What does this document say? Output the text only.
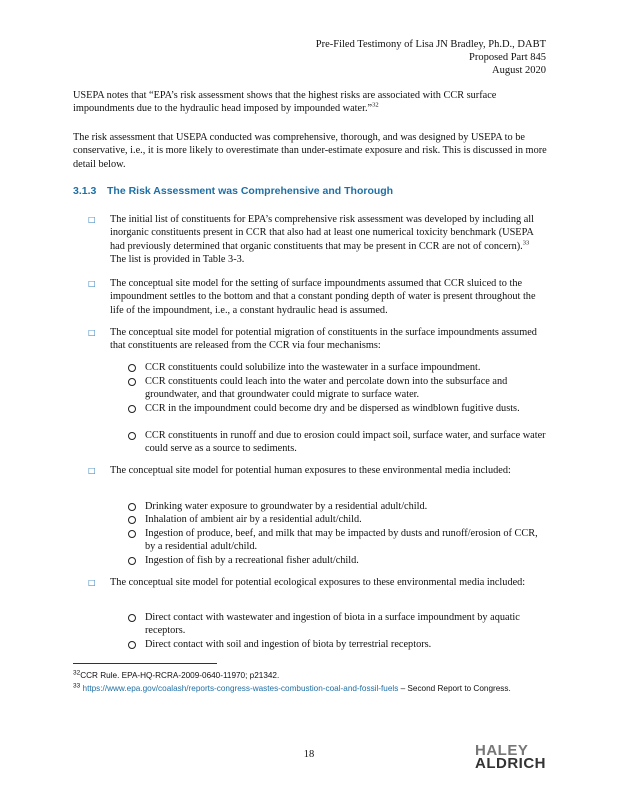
Pre-Filed Testimony of Lisa JN Bradley, Ph.D., DABT
Proposed Part 845
August 2020
USEPA notes that “EPA’s risk assessment shows that the highest risks are associated with CCR surface impoundments due to the hydraulic head imposed by impounded water.”$^{32}$
The risk assessment that USEPA conducted was comprehensive, thorough, and was designed by USEPA to be conservative, i.e., it is more likely to overestimate than under-estimate exposure and risk. This is discussed in more detail below.
3.1.3 The Risk Assessment was Comprehensive and Thorough
□ The initial list of constituents for EPA’s comprehensive risk assessment was developed by including all inorganic constituents present in CCR that also had at least one numerical toxicity benchmark (USEPA had previously determined that organic constituents that may be present in CCR are not of concern).$^{33}$ The list is provided in Table 3-3.
□ The conceptual site model for the setting of surface impoundments assumed that CCR sluiced to the impoundment settles to the bottom and that a constant ponding depth of water is present throughout the life of the impoundment, i.e., a constant hydraulic head is assumed.
□ The conceptual site model for potential migration of constituents in the surface impoundments assumed that constituents are released from the CCR via four mechanisms:
CCR constituents could solubilize into the wastewater in a surface impoundment.
CCR constituents could leach into the water and percolate down into the subsurface and groundwater, and that groundwater could migrate to surface water.
CCR in the impoundment could become dry and be dispersed as windblown fugitive dusts.
CCR constituents in runoff and due to erosion could impact soil, surface water, and surface water could serve as a source to sediments.
□ The conceptual site model for potential human exposures to these environmental media included:
Drinking water exposure to groundwater by a residential adult/child.
Inhalation of ambient air by a residential adult/child.
Ingestion of produce, beef, and milk that may be impacted by dusts and runoff/erosion of CCR, by a residential adult/child.
Ingestion of fish by a recreational fisher adult/child.
□ The conceptual site model for potential ecological exposures to these environmental media included:
Direct contact with wastewater and ingestion of biota in a surface impoundment by aquatic receptors.
Direct contact with soil and ingestion of biota by terrestrial receptors.
$^{32}$CCR Rule. EPA-HQ-RCRA-2009-0640-11970; p21342.
$^{33}$ https://www.epa.gov/coalash/reports-congress-wastes-combustion-coal-and-fossil-fuels – Second Report to Congress.
18	HALEY
ALDRICH
